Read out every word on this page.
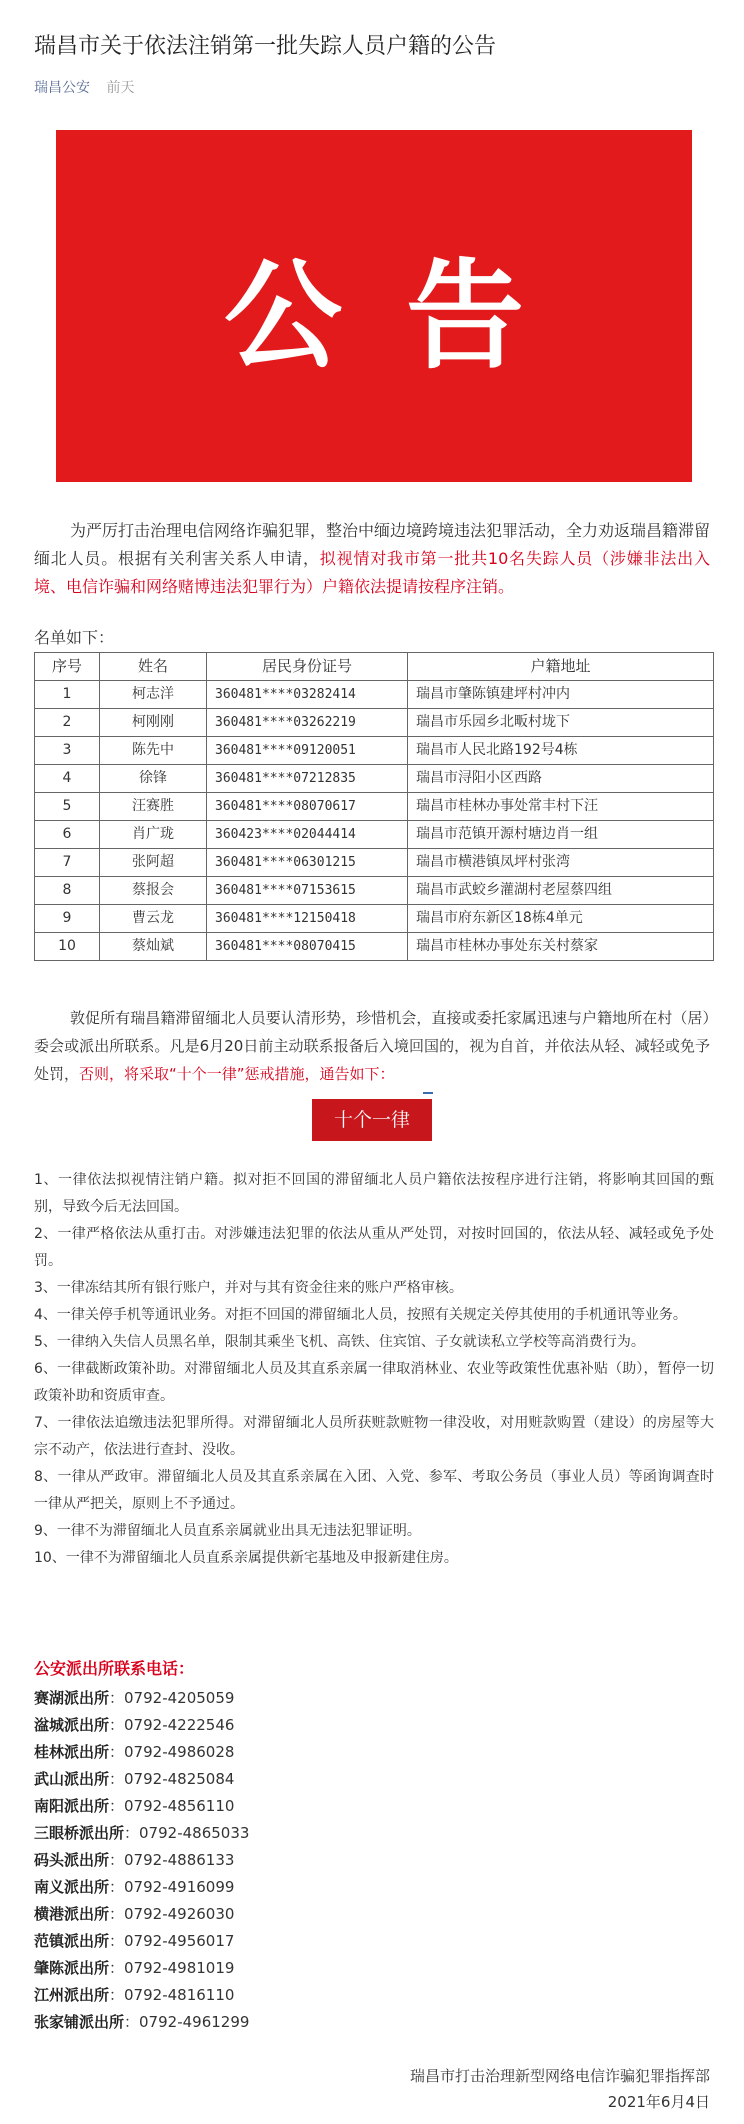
瑞昌市关于依法注销第一批失踪人员户籍的公告
瑞昌公安 前天
公告
为严厉打击治理电信网络诈骗犯罪，整治中缅边境跨境违法犯罪活动，全力劝返瑞昌籍滞留缅北人员。根据有关利害关系人申请，拟视情对我市第一批共10名失踪人员（涉嫌非法出入境、电信诈骗和网络赌博违法犯罪行为）户籍依法提请按程序注销。
名单如下：
序号	姓名	居民身份证号	户籍地址
1	柯志洋	360481****03282414	瑞昌市肇陈镇建坪村冲内
2	柯刚刚	360481****03262219	瑞昌市乐园乡北畈村垅下
3	陈先中	360481****09120051	瑞昌市人民北路192号4栋
4	徐锋	360481****07212835	瑞昌市浔阳小区西路
5	汪赛胜	360481****08070617	瑞昌市桂林办事处常丰村下汪
6	肖广珑	360423****02044414	瑞昌市范镇开源村塘边肖一组
7	张阿超	360481****06301215	瑞昌市横港镇凤坪村张湾
8	蔡报会	360481****07153615	瑞昌市武蛟乡灌湖村老屋蔡四组
9	曹云龙	360481****12150418	瑞昌市府东新区18栋4单元
10	蔡灿斌	360481****08070415	瑞昌市桂林办事处东关村蔡家
敦促所有瑞昌籍滞留缅北人员要认清形势，珍惜机会，直接或委托家属迅速与户籍地所在村（居）委会或派出所联系。凡是6月20日前主动联系报备后入境回国的，视为自首，并依法从轻、减轻或免予处罚，否则，将采取“十个一律”惩戒措施，通告如下：
十个一律
1、一律依法拟视情注销户籍。拟对拒不回国的滞留缅北人员户籍依法按程序进行注销，将影响其回国的甄别，导致今后无法回国。
2、一律严格依法从重打击。对涉嫌违法犯罪的依法从重从严处罚，对按时回国的，依法从轻、减轻或免予处罚。
3、一律冻结其所有银行账户，并对与其有资金往来的账户严格审核。
4、一律关停手机等通讯业务。对拒不回国的滞留缅北人员，按照有关规定关停其使用的手机通讯等业务。
5、一律纳入失信人员黑名单，限制其乘坐飞机、高铁、住宾馆、子女就读私立学校等高消费行为。
6、一律截断政策补助。对滞留缅北人员及其直系亲属一律取消林业、农业等政策性优惠补贴（助），暂停一切政策补助和资质审查。
7、一律依法追缴违法犯罪所得。对滞留缅北人员所获赃款赃物一律没收，对用赃款购置（建设）的房屋等大宗不动产，依法进行查封、没收。
8、一律从严政审。滞留缅北人员及其直系亲属在入团、入党、参军、考取公务员（事业人员）等函询调查时一律从严把关，原则上不予通过。
9、一律不为滞留缅北人员直系亲属就业出具无违法犯罪证明。
10、一律不为滞留缅北人员直系亲属提供新宅基地及申报新建住房。
公安派出所联系电话：
赛湖派出所：0792-4205059
湓城派出所：0792-4222546
桂林派出所：0792-4986028
武山派出所：0792-4825084
南阳派出所：0792-4856110
三眼桥派出所：0792-4865033
码头派出所：0792-4886133
南义派出所：0792-4916099
横港派出所：0792-4926030
范镇派出所：0792-4956017
肇陈派出所：0792-4981019
江州派出所：0792-4816110
张家铺派出所：0792-4961299
瑞昌市打击治理新型网络电信诈骗犯罪指挥部
2021年6月4日
